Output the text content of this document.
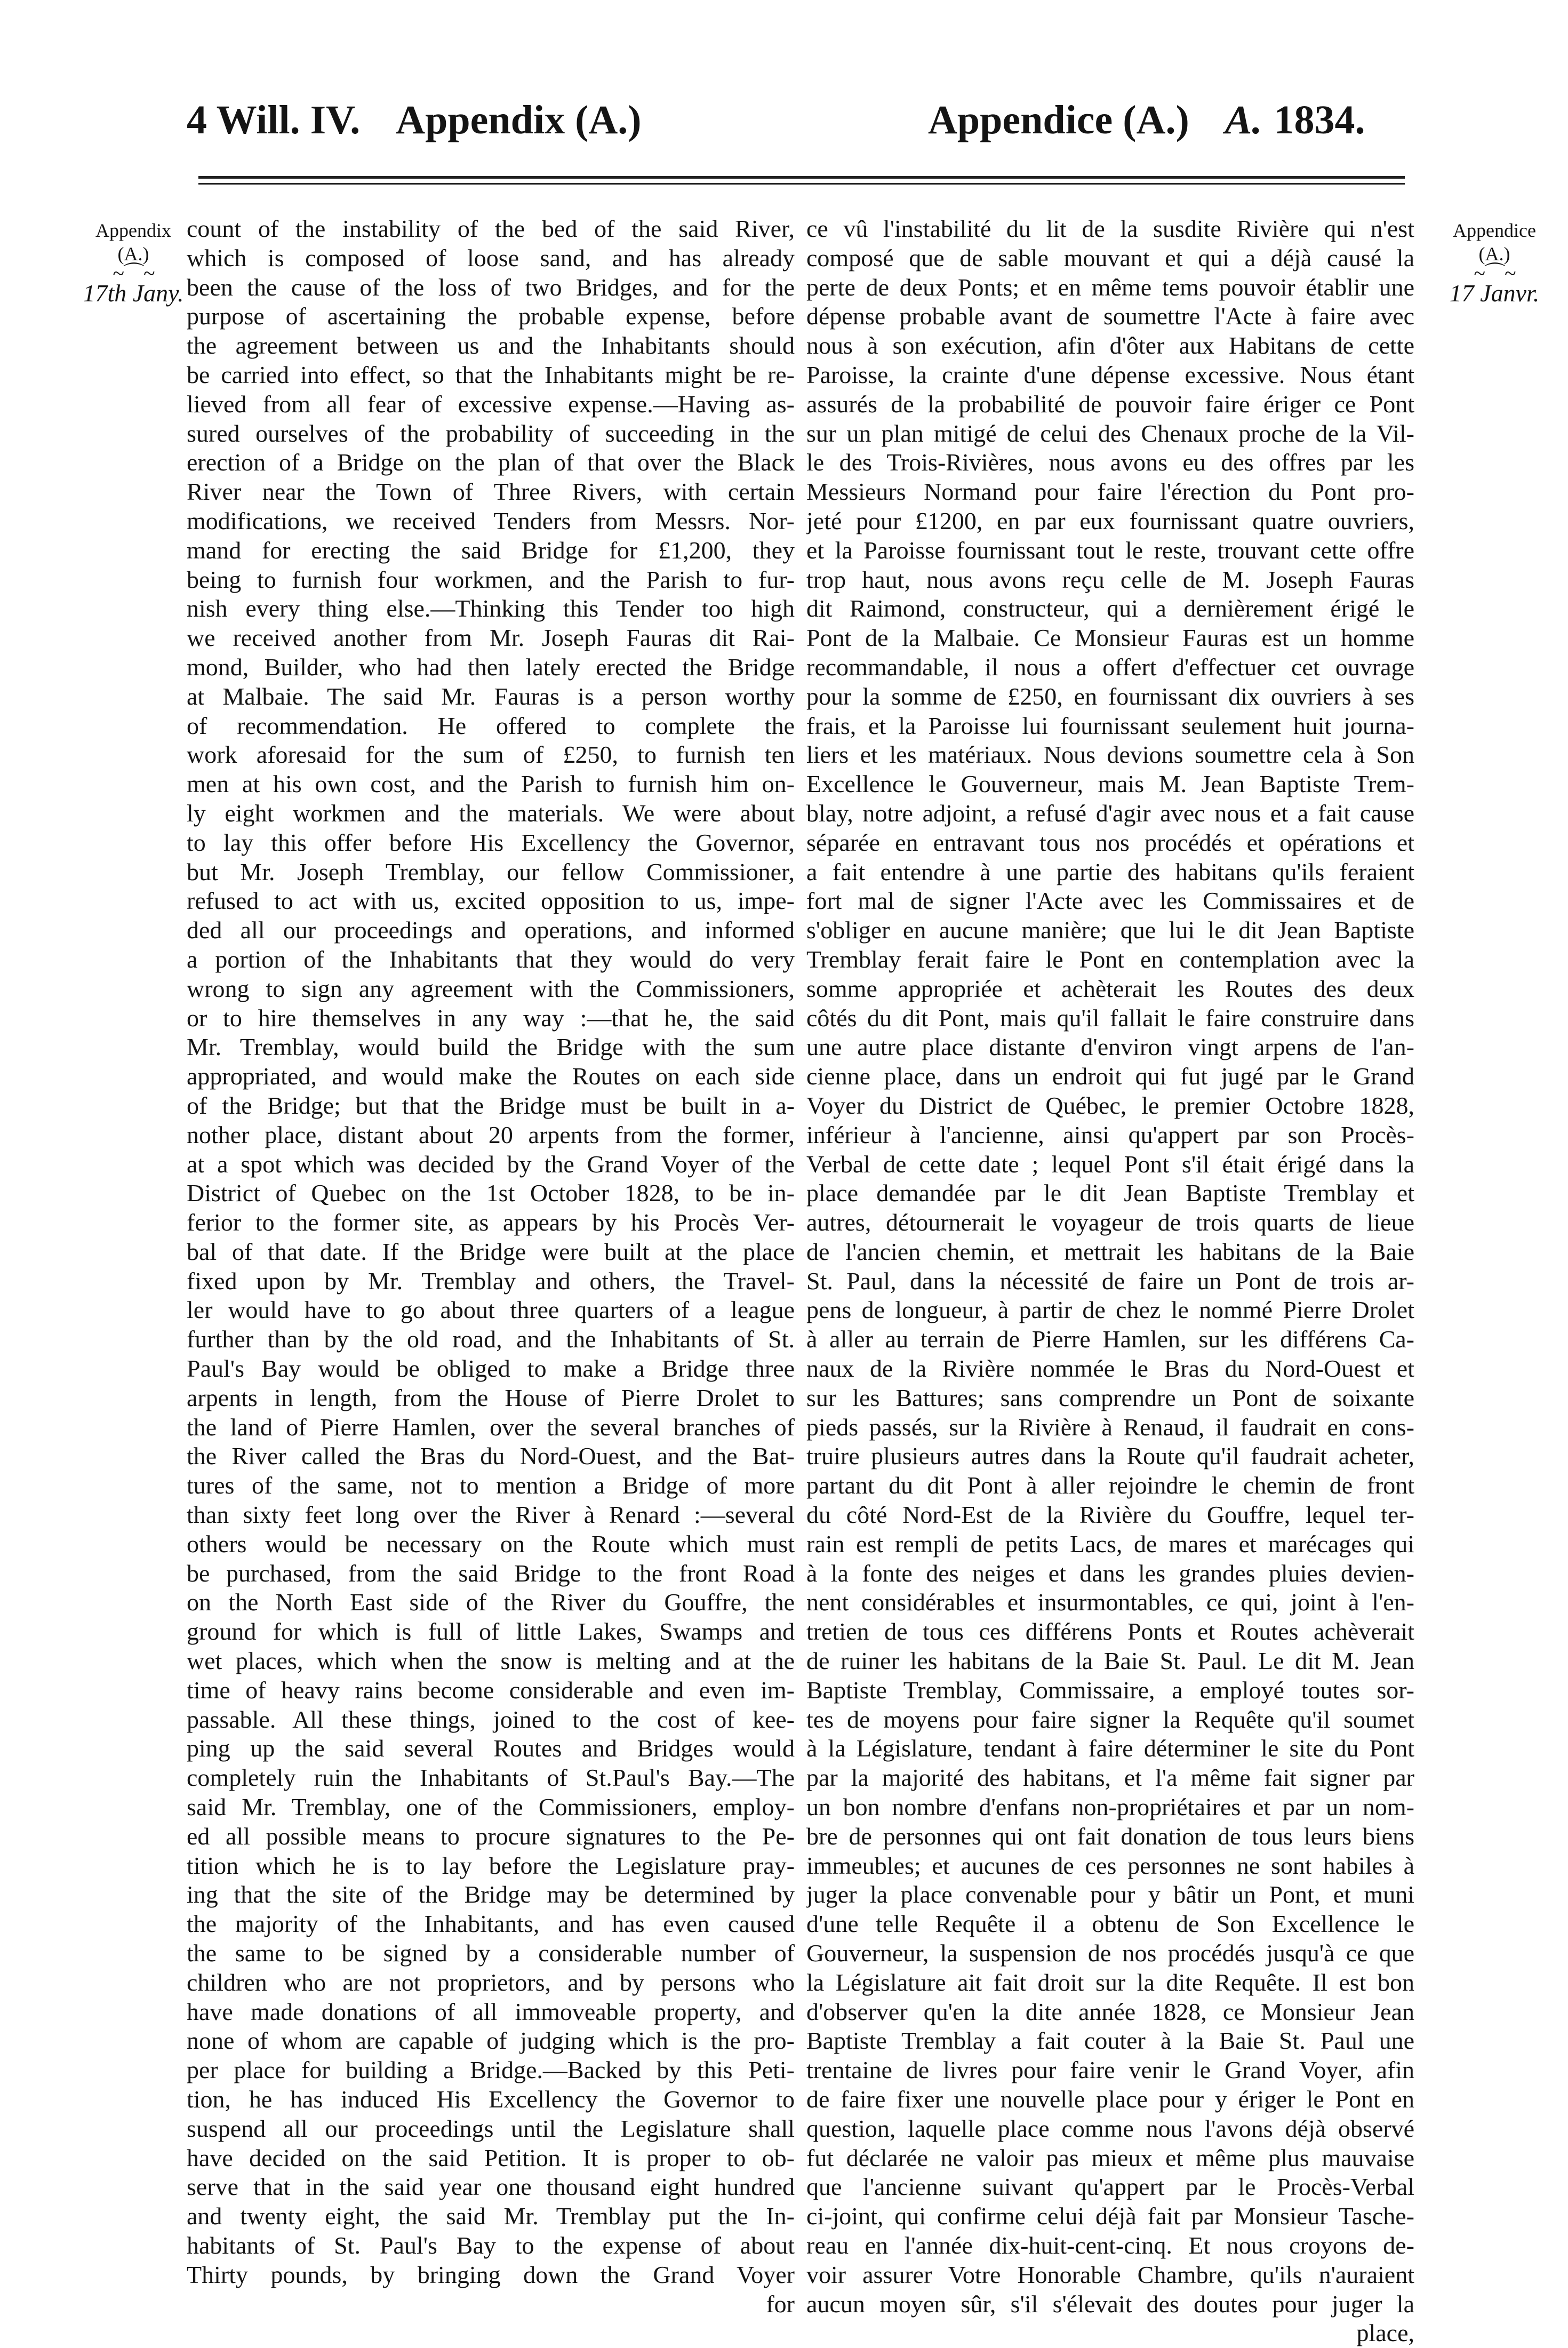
4 Will. IV. Appendix (A.)	Appendice (A.) A. 1834.
Appendix
(A.)
~⌒~
17th Jany.
Appendice
(A.)
~⌒~
17 Janvr.
count of the instability of the bed of the said River,
which is composed of loose sand, and has already
been the cause of the loss of two Bridges, and for the
purpose of ascertaining the probable expense, before
the agreement between us and the Inhabitants should
be carried into effect, so that the Inhabitants might be re-
lieved from all fear of excessive expense.—Having as-
sured ourselves of the probability of succeeding in the
erection of a Bridge on the plan of that over the Black
River near the Town of Three Rivers, with certain
modifications, we received Tenders from Messrs. Nor-
mand for erecting the said Bridge for £1,200, they
being to furnish four workmen, and the Parish to fur-
nish every thing else.—Thinking this Tender too high
we received another from Mr. Joseph Fauras dit Rai-
mond, Builder, who had then lately erected the Bridge
at Malbaie. The said Mr. Fauras is a person worthy
of recommendation. He offered to complete the
work aforesaid for the sum of £250, to furnish ten
men at his own cost, and the Parish to furnish him on-
ly eight workmen and the materials. We were about
to lay this offer before His Excellency the Governor,
but Mr. Joseph Tremblay, our fellow Commissioner,
refused to act with us, excited opposition to us, impe-
ded all our proceedings and operations, and informed
a portion of the Inhabitants that they would do very
wrong to sign any agreement with the Commissioners,
or to hire themselves in any way :—that he, the said
Mr. Tremblay, would build the Bridge with the sum
appropriated, and would make the Routes on each side
of the Bridge; but that the Bridge must be built in a-
nother place, distant about 20 arpents from the former,
at a spot which was decided by the Grand Voyer of the
District of Quebec on the 1st October 1828, to be in-
ferior to the former site, as appears by his Procès Ver-
bal of that date. If the Bridge were built at the place
fixed upon by Mr. Tremblay and others, the Travel-
ler would have to go about three quarters of a league
further than by the old road, and the Inhabitants of St.
Paul's Bay would be obliged to make a Bridge three
arpents in length, from the House of Pierre Drolet to
the land of Pierre Hamlen, over the several branches of
the River called the Bras du Nord-Ouest, and the Bat-
tures of the same, not to mention a Bridge of more
than sixty feet long over the River à Renard :—several
others would be necessary on the Route which must
be purchased, from the said Bridge to the front Road
on the North East side of the River du Gouffre, the
ground for which is full of little Lakes, Swamps and
wet places, which when the snow is melting and at the
time of heavy rains become considerable and even im-
passable. All these things, joined to the cost of kee-
ping up the said several Routes and Bridges would
completely ruin the Inhabitants of St.Paul's Bay.—The
said Mr. Tremblay, one of the Commissioners, employ-
ed all possible means to procure signatures to the Pe-
tition which he is to lay before the Legislature pray-
ing that the site of the Bridge may be determined by
the majority of the Inhabitants, and has even caused
the same to be signed by a considerable number of
children who are not proprietors, and by persons who
have made donations of all immoveable property, and
none of whom are capable of judging which is the pro-
per place for building a Bridge.—Backed by this Peti-
tion, he has induced His Excellency the Governor to
suspend all our proceedings until the Legislature shall
have decided on the said Petition. It is proper to ob-
serve that in the said year one thousand eight hundred
and twenty eight, the said Mr. Tremblay put the In-
habitants of St. Paul's Bay to the expense of about
Thirty pounds, by bringing down the Grand Voyer
for
ce vû l'instabilité du lit de la susdite Rivière qui n'est
composé que de sable mouvant et qui a déjà causé la
perte de deux Ponts; et en même tems pouvoir établir une
dépense probable avant de soumettre l'Acte à faire avec
nous à son exécution, afin d'ôter aux Habitans de cette
Paroisse, la crainte d'une dépense excessive. Nous étant
assurés de la probabilité de pouvoir faire ériger ce Pont
sur un plan mitigé de celui des Chenaux proche de la Vil-
le des Trois-Rivières, nous avons eu des offres par les
Messieurs Normand pour faire l'érection du Pont pro-
jeté pour £1200, en par eux fournissant quatre ouvriers,
et la Paroisse fournissant tout le reste, trouvant cette offre
trop haut, nous avons reçu celle de M. Joseph Fauras
dit Raimond, constructeur, qui a dernièrement érigé le
Pont de la Malbaie. Ce Monsieur Fauras est un homme
recommandable, il nous a offert d'effectuer cet ouvrage
pour la somme de £250, en fournissant dix ouvriers à ses
frais, et la Paroisse lui fournissant seulement huit journa-
liers et les matériaux. Nous devions soumettre cela à Son
Excellence le Gouverneur, mais M. Jean Baptiste Trem-
blay, notre adjoint, a refusé d'agir avec nous et a fait cause
séparée en entravant tous nos procédés et opérations et
a fait entendre à une partie des habitans qu'ils feraient
fort mal de signer l'Acte avec les Commissaires et de
s'obliger en aucune manière; que lui le dit Jean Baptiste
Tremblay ferait faire le Pont en contemplation avec la
somme appropriée et achèterait les Routes des deux
côtés du dit Pont, mais qu'il fallait le faire construire dans
une autre place distante d'environ vingt arpens de l'an-
cienne place, dans un endroit qui fut jugé par le Grand
Voyer du District de Québec, le premier Octobre 1828,
inférieur à l'ancienne, ainsi qu'appert par son Procès-
Verbal de cette date ; lequel Pont s'il était érigé dans la
place demandée par le dit Jean Baptiste Tremblay et
autres, détournerait le voyageur de trois quarts de lieue
de l'ancien chemin, et mettrait les habitans de la Baie
St. Paul, dans la nécessité de faire un Pont de trois ar-
pens de longueur, à partir de chez le nommé Pierre Drolet
à aller au terrain de Pierre Hamlen, sur les différens Ca-
naux de la Rivière nommée le Bras du Nord-Ouest et
sur les Battures; sans comprendre un Pont de soixante
pieds passés, sur la Rivière à Renaud, il faudrait en cons-
truire plusieurs autres dans la Route qu'il faudrait acheter,
partant du dit Pont à aller rejoindre le chemin de front
du côté Nord-Est de la Rivière du Gouffre, lequel ter-
rain est rempli de petits Lacs, de mares et marécages qui
à la fonte des neiges et dans les grandes pluies devien-
nent considérables et insurmontables, ce qui, joint à l'en-
tretien de tous ces différens Ponts et Routes achèverait
de ruiner les habitans de la Baie St. Paul. Le dit M. Jean
Baptiste Tremblay, Commissaire, a employé toutes sor-
tes de moyens pour faire signer la Requête qu'il soumet
à la Législature, tendant à faire déterminer le site du Pont
par la majorité des habitans, et l'a même fait signer par
un bon nombre d'enfans non-propriétaires et par un nom-
bre de personnes qui ont fait donation de tous leurs biens
immeubles; et aucunes de ces personnes ne sont habiles à
juger la place convenable pour y bâtir un Pont, et muni
d'une telle Requête il a obtenu de Son Excellence le
Gouverneur, la suspension de nos procédés jusqu'à ce que
la Législature ait fait droit sur la dite Requête. Il est bon
d'observer qu'en la dite année 1828, ce Monsieur Jean
Baptiste Tremblay a fait couter à la Baie St. Paul une
trentaine de livres pour faire venir le Grand Voyer, afin
de faire fixer une nouvelle place pour y ériger le Pont en
question, laquelle place comme nous l'avons déjà observé
fut déclarée ne valoir pas mieux et même plus mauvaise
que l'ancienne suivant qu'appert par le Procès-Verbal
ci-joint, qui confirme celui déjà fait par Monsieur Tasche-
reau en l'année dix-huit-cent-cinq. Et nous croyons de-
voir assurer Votre Honorable Chambre, qu'ils n'auraient
aucun moyen sûr, s'il s'élevait des doutes pour juger la
place,
